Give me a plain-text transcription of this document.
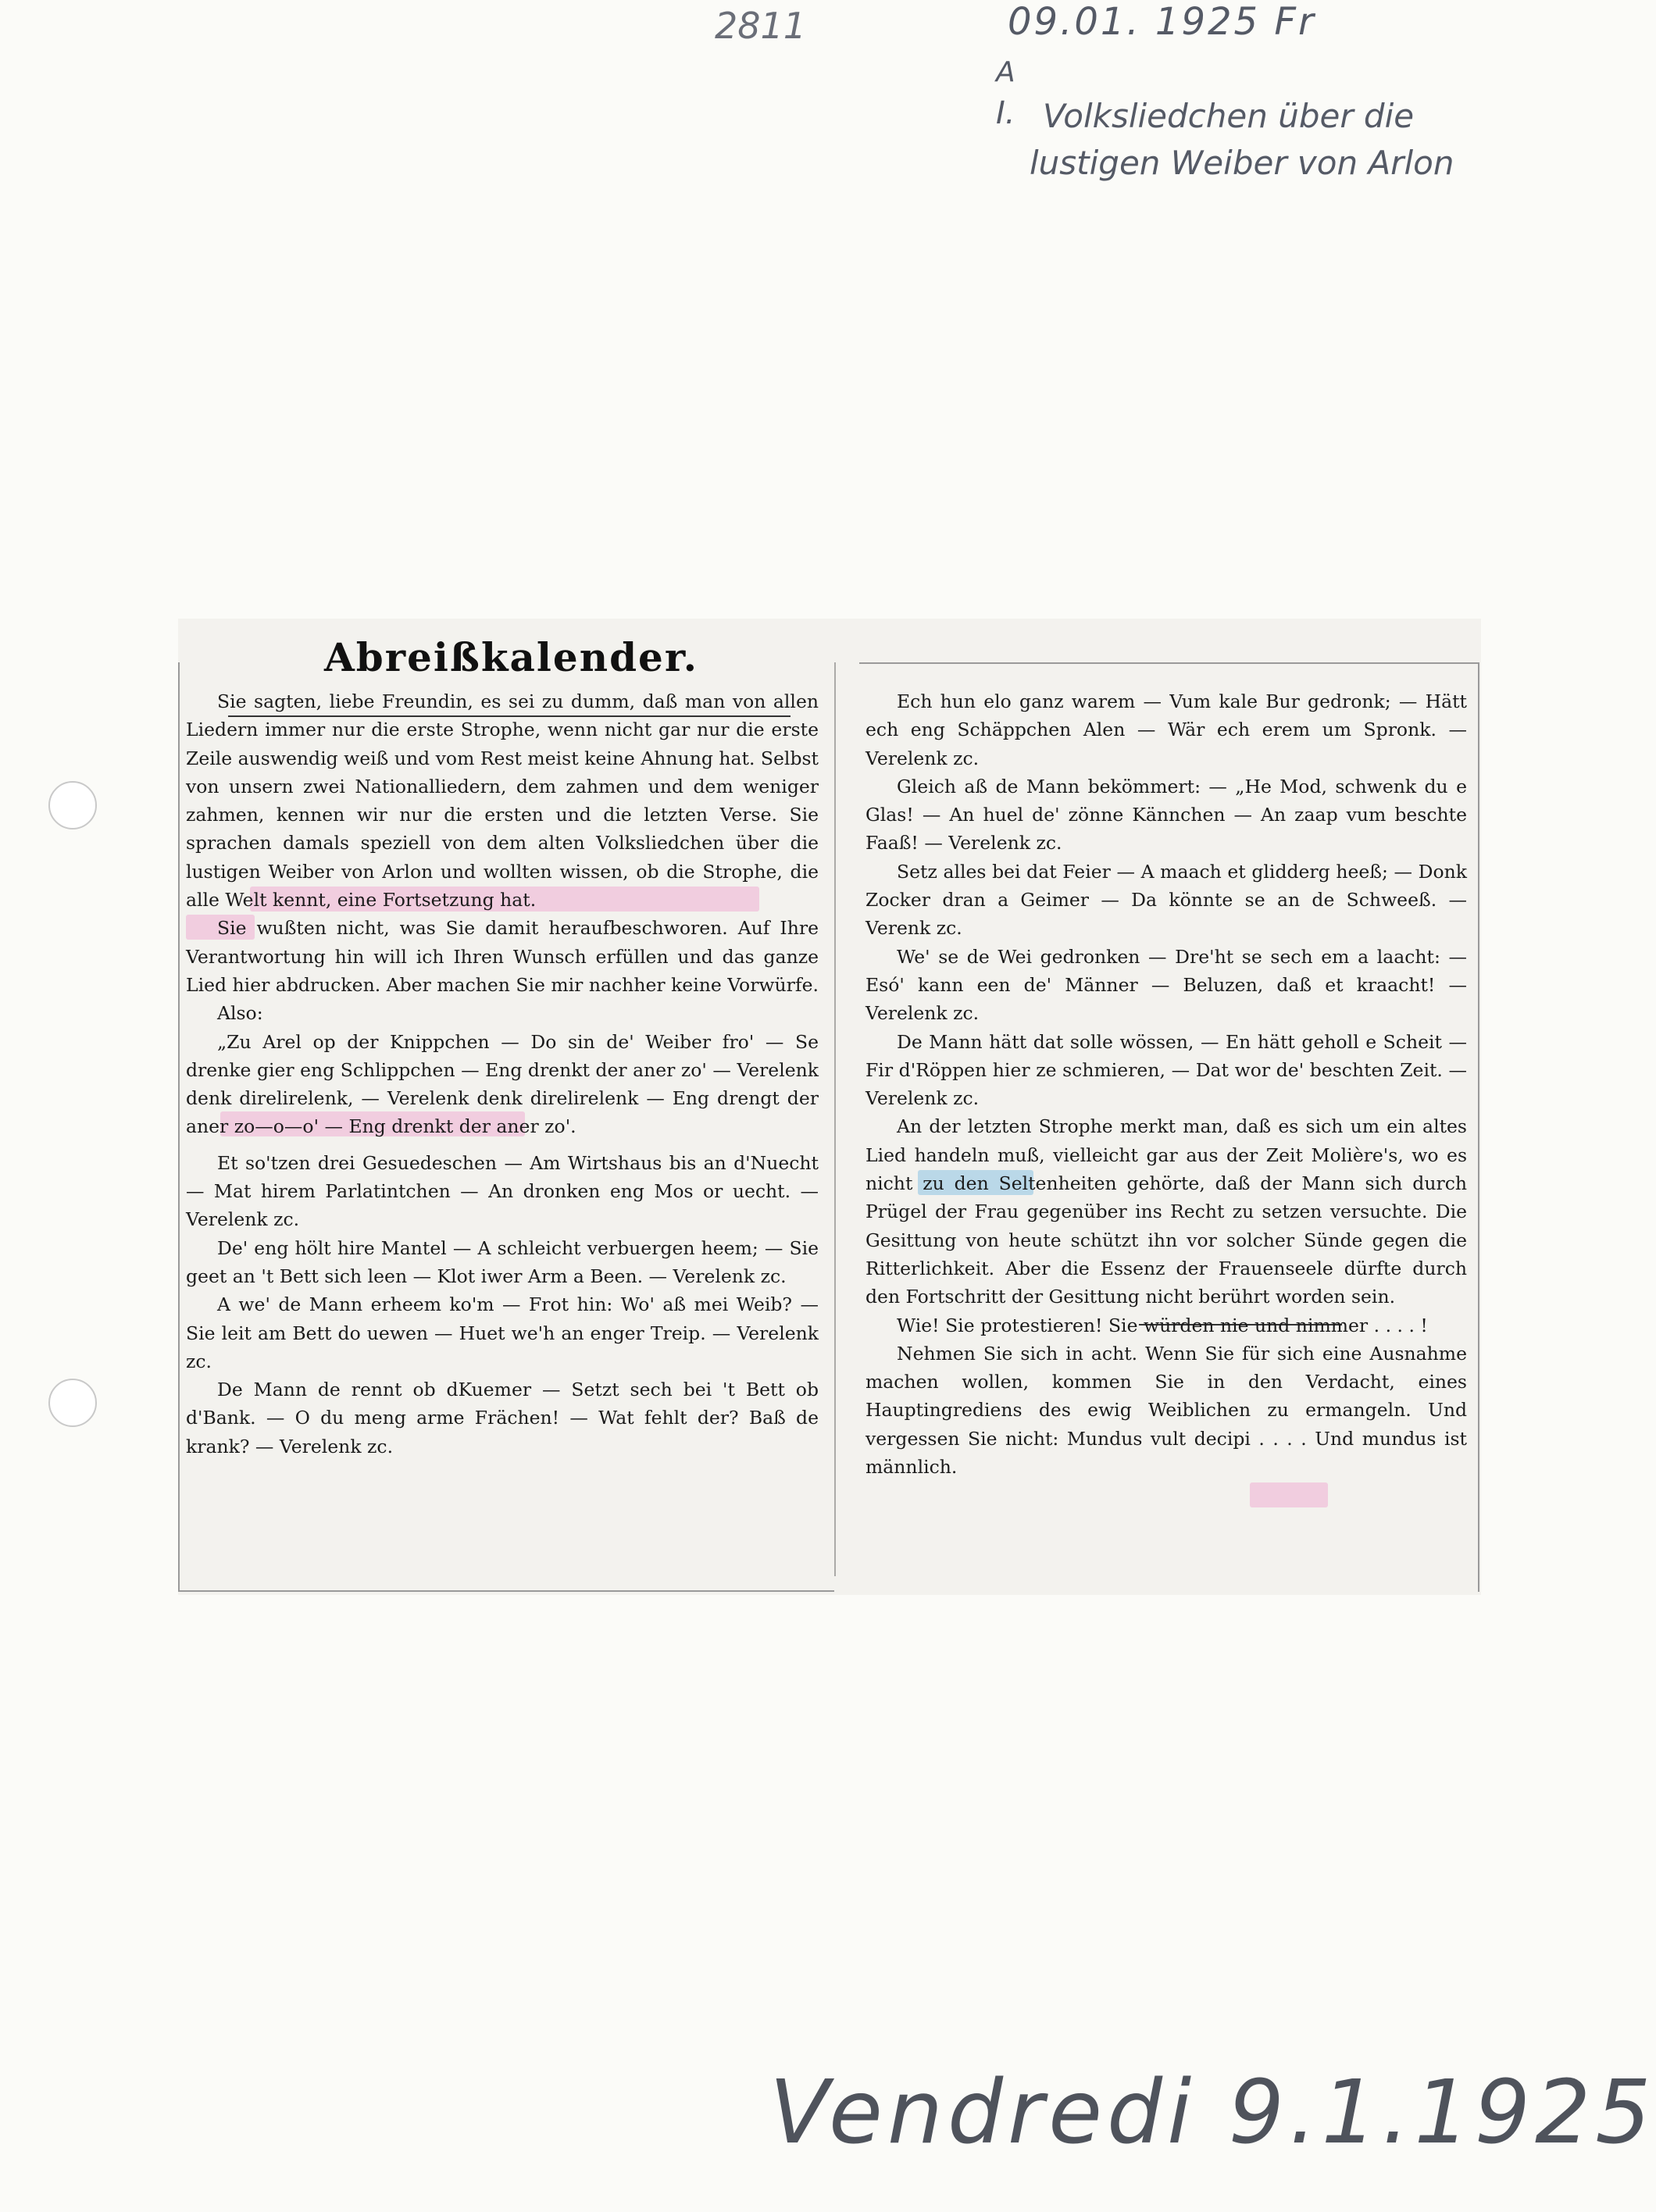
2811	09.01. 1925 Fr
A
I. Volksliedchen über die
lustigen Weiber von Arlon
Abreißkalender.

Sie sagten, liebe Freundin, es sei zu dumm, daß man von allen Liedern immer nur die erste Strophe, wenn nicht gar nur die erste Zeile auswendig weiß und vom Rest meist keine Ahnung hat. Selbst von unsern zwei Nationalliedern, dem zahmen und dem weniger zahmen, kennen wir nur die ersten und die letzten Verse. Sie sprachen damals speziell von dem alten Volksliedchen über die lustigen Weiber von Arlon und wollten wissen, ob die Strophe, die alle Welt kennt, eine Fortsetzung hat.

Sie wußten nicht, was Sie damit heraufbeschworen. Auf Ihre Verantwortung hin will ich Ihren Wunsch erfüllen und das ganze Lied hier abdrucken. Aber machen Sie mir nachher keine Vorwürfe.

Also:

„Zu Arel op der Knippchen — Do sin de' Weiber fro' — Se drenke gier eng Schlippchen — Eng drenkt der aner zo' — Verelenk denk direlirelenk, — Verelenk denk direlirelenk — Eng drengt der aner zo—o—o' — Eng drenkt der aner zo'.

Et so'tzen drei Gesuedeschen — Am Wirtshaus bis an d'Nuecht — Mat hirem Parlatintchen — An dronken eng Mos or uecht. — Verelenk zc.

De' eng hölt hire Mantel — A schleicht verbuergen heem; — Sie geet an 't Bett sich leen — Klot iwer Arm a Been. — Verelenk zc.

A we' de Mann erheem ko'm — Frot hin: Wo' aß mei Weib? — Sie leit am Bett do uewen — Huet we'h an enger Treip. — Verelenk zc.

De Mann de rennt ob dKuemer — Setzt sech bei 't Bett ob d'Bank. — O du meng arme Frächen! — Wat fehlt der? Baß de krank? — Verelenk zc.

Ech hun elo ganz warem — Vum kale Bur gedronk; — Hätt ech eng Schäppchen Alen — Wär ech erem um Spronk. — Verelenk zc.

Gleich aß de Mann bekömmert: — „He Mod, schwenk du e Glas! — An huel de' zönne Kännchen — An zaap vum beschte Faaß! — Verelenk zc.

Setz alles bei dat Feier — A maach et glidderg heeß; — Donk Zocker dran a Geimer — Da könnte se an de Schweeß. — Verenk zc.

We' se de Wei gedronken — Dre'ht se sech em a laacht: — Esó' kann een de' Männer — Beluzen, daß et kraacht! — Verelenk zc.

De Mann hätt dat solle wössen, — En hätt geholl e Scheit — Fir d'Röppen hier ze schmieren, — Dat wor de' beschten Zeit. — Verelenk zc.

An der letzten Strophe merkt man, daß es sich um ein altes Lied handeln muß, vielleicht gar aus der Zeit Molière's, wo es nicht zu den Seltenheiten gehörte, daß der Mann sich durch Prügel der Frau gegenüber ins Recht zu setzen versuchte. Die Gesittung von heute schützt ihn vor solcher Sünde gegen die Ritterlichkeit. Aber die Essenz der Frauenseele dürfte durch den Fortschritt der Gesittung nicht berührt worden sein.

Wie! Sie protestieren! Sie würden nie und nimmer . . . . !

Nehmen Sie sich in acht. Wenn Sie für sich eine Ausnahme machen wollen, kommen Sie in den Verdacht, eines Hauptingrediens des ewig Weiblichen zu ermangeln. Und vergessen Sie nicht: Mundus vult decipi . . . . Und mundus ist männlich.

Vendredi 9.1.1925
